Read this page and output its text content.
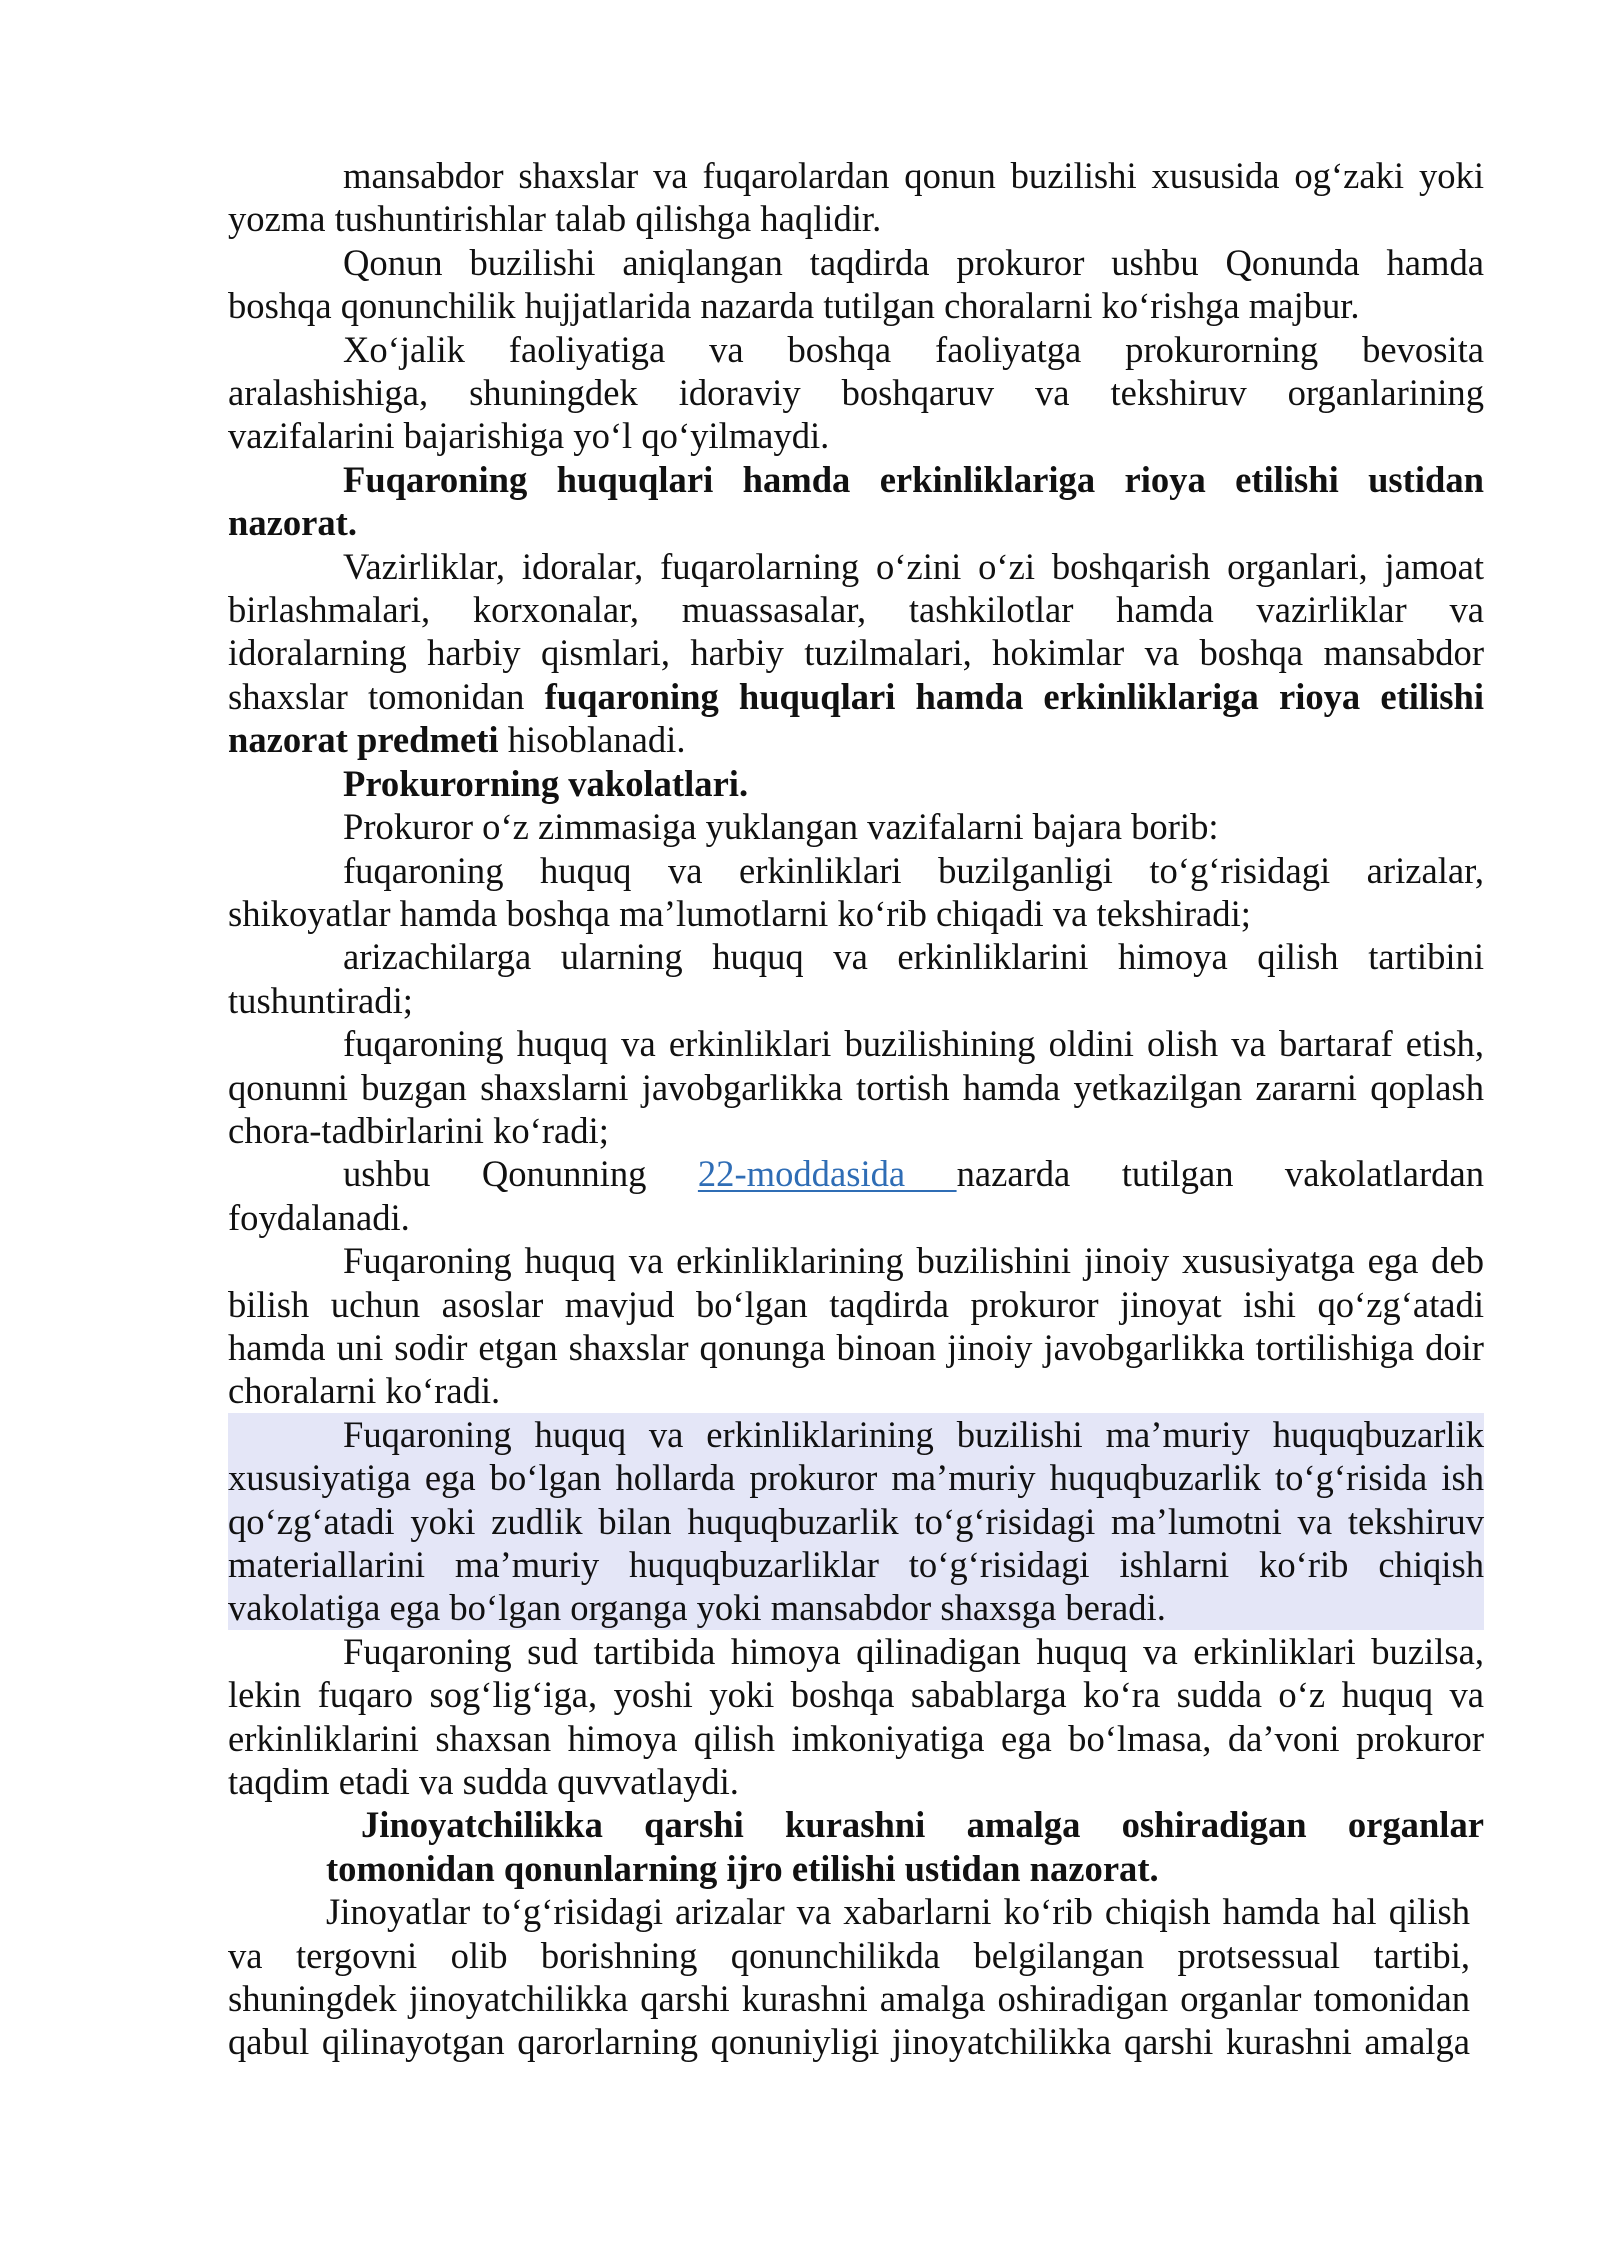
mansabdor shaxslar va fuqarolardan qonun buzilishi xususida og‘zaki yoki
yozma tushuntirishlar talab qilishga haqlidir.
Qonun buzilishi aniqlangan taqdirda prokuror ushbu Qonunda hamda
boshqa qonunchilik hujjatlarida nazarda tutilgan choralarni ko‘rishga majbur.
Xo‘jalik faoliyatiga va boshqa faoliyatga prokurorning bevosita
aralashishiga, shuningdek idoraviy boshqaruv va tekshiruv organlarining
vazifalarini bajarishiga yo‘l qo‘yilmaydi.
Fuqaroning huquqlari hamda erkinliklariga rioya etilishi ustidan
nazorat.
Vazirliklar, idoralar, fuqarolarning o‘zini o‘zi boshqarish organlari, jamoat
birlashmalari, korxonalar, muassasalar, tashkilotlar hamda vazirliklar va
idoralarning harbiy qismlari, harbiy tuzilmalari, hokimlar va boshqa mansabdor
shaxslar tomonidan fuqaroning huquqlari hamda erkinliklariga rioya etilishi
nazorat predmeti hisoblanadi.
Prokurorning vakolatlari.
Prokuror o‘z zimmasiga yuklangan vazifalarni bajara borib:
fuqaroning huquq va erkinliklari buzilganligi to‘g‘risidagi arizalar,
shikoyatlar hamda boshqa ma’lumotlarni ko‘rib chiqadi va tekshiradi;
arizachilarga ularning huquq va erkinliklarini himoya qilish tartibini
tushuntiradi;
fuqaroning huquq va erkinliklari buzilishining oldini olish va bartaraf etish,
qonunni buzgan shaxslarni javobgarlikka tortish hamda yetkazilgan zararni qoplash
chora-tadbirlarini ko‘radi;
ushbu Qonunning 22-moddasida nazarda tutilgan vakolatlardan
foydalanadi.
Fuqaroning huquq va erkinliklarining buzilishini jinoiy xususiyatga ega deb
bilish uchun asoslar mavjud bo‘lgan taqdirda prokuror jinoyat ishi qo‘zg‘atadi
hamda uni sodir etgan shaxslar qonunga binoan jinoiy javobgarlikka tortilishiga doir
choralarni ko‘radi.
Fuqaroning huquq va erkinliklarining buzilishi ma’muriy huquqbuzarlik
xususiyatiga ega bo‘lgan hollarda prokuror ma’muriy huquqbuzarlik to‘g‘risida ish
qo‘zg‘atadi yoki zudlik bilan huquqbuzarlik to‘g‘risidagi ma’lumotni va tekshiruv
materiallarini ma’muriy huquqbuzarliklar to‘g‘risidagi ishlarni ko‘rib chiqish
vakolatiga ega bo‘lgan organga yoki mansabdor shaxsga beradi.
Fuqaroning sud tartibida himoya qilinadigan huquq va erkinliklari buzilsa,
lekin fuqaro sog‘lig‘iga, yoshi yoki boshqa sabablarga ko‘ra sudda o‘z huquq va
erkinliklarini shaxsan himoya qilish imkoniyatiga ega bo‘lmasa, da’voni prokuror
taqdim etadi va sudda quvvatlaydi.
Jinoyatchilikka qarshi kurashni amalga oshiradigan organlar
tomonidan qonunlarning ijro etilishi ustidan nazorat.
Jinoyatlar to‘g‘risidagi arizalar va xabarlarni ko‘rib chiqish hamda hal qilish
va tergovni olib borishning qonunchilikda belgilangan protsessual tartibi,
shuningdek jinoyatchilikka qarshi kurashni amalga oshiradigan organlar tomonidan
qabul qilinayotgan qarorlarning qonuniyligi jinoyatchilikka qarshi kurashni amalga
